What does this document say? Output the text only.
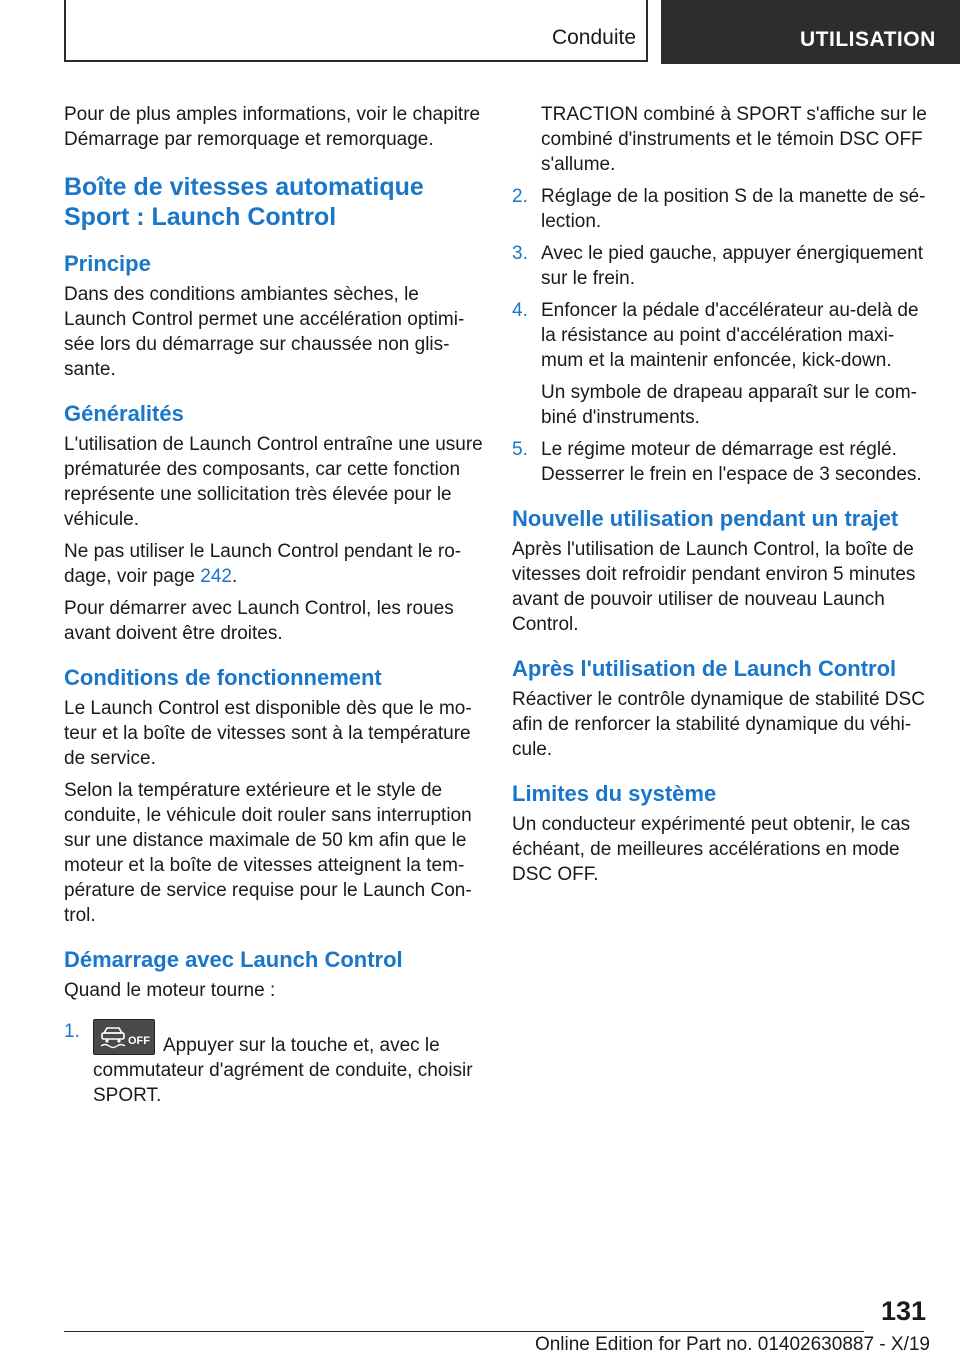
Conduite	UTILISATION

Pour de plus amples informations, voir le chapitre Démarrage par remorquage et remorquage.

Boîte de vitesses automatique Sport : Launch Control
Principe

Dans des conditions ambiantes sèches, le Launch Control permet une accélération optimisée lors du démarrage sur chaussée non glissante.

Généralités

L'utilisation de Launch Control entraîne une usure prématurée des composants, car cette fonction représente une sollicitation très élevée pour le véhicule.

Ne pas utiliser le Launch Control pendant le rodage, voir page 242.

Pour démarrer avec Launch Control, les roues avant doivent être droites.

Conditions de fonctionnement

Le Launch Control est disponible dès que le moteur et la boîte de vitesses sont à la température de service.

Selon la température extérieure et le style de conduite, le véhicule doit rouler sans interruption sur une distance maximale de 50 km afin que le moteur et la boîte de vitesses atteignent la température de service requise pour le Launch Control.

Démarrage avec Launch Control

Quand le moteur tourne :

1.	OFF Appuyer sur la touche et, avec le commutateur d'agrément de conduite, choisir SPORT.

TRACTION combiné à SPORT s'affiche sur le combiné d'instruments et le témoin DSC OFF s'allume.

2. Réglage de la position S de la manette de sélection.

3. Avec le pied gauche, appuyer énergiquement sur le frein.

4. Enfoncer la pédale d'accélérateur au-delà de la résistance au point d'accélération maximum et la maintenir enfoncée, kick-down.

Un symbole de drapeau apparaît sur le combiné d'instruments.

5. Le régime moteur de démarrage est réglé. Desserrer le frein en l'espace de 3 secondes.

Nouvelle utilisation pendant un trajet

Après l'utilisation de Launch Control, la boîte de vitesses doit refroidir pendant environ 5 minutes avant de pouvoir utiliser de nouveau Launch Control.

Après l'utilisation de Launch Control

Réactiver le contrôle dynamique de stabilité DSC afin de renforcer la stabilité dynamique du véhicule.

Limites du système

Un conducteur expérimenté peut obtenir, le cas échéant, de meilleures accélérations en mode DSC OFF.

131
Online Edition for Part no. 01402630887 - X/19
